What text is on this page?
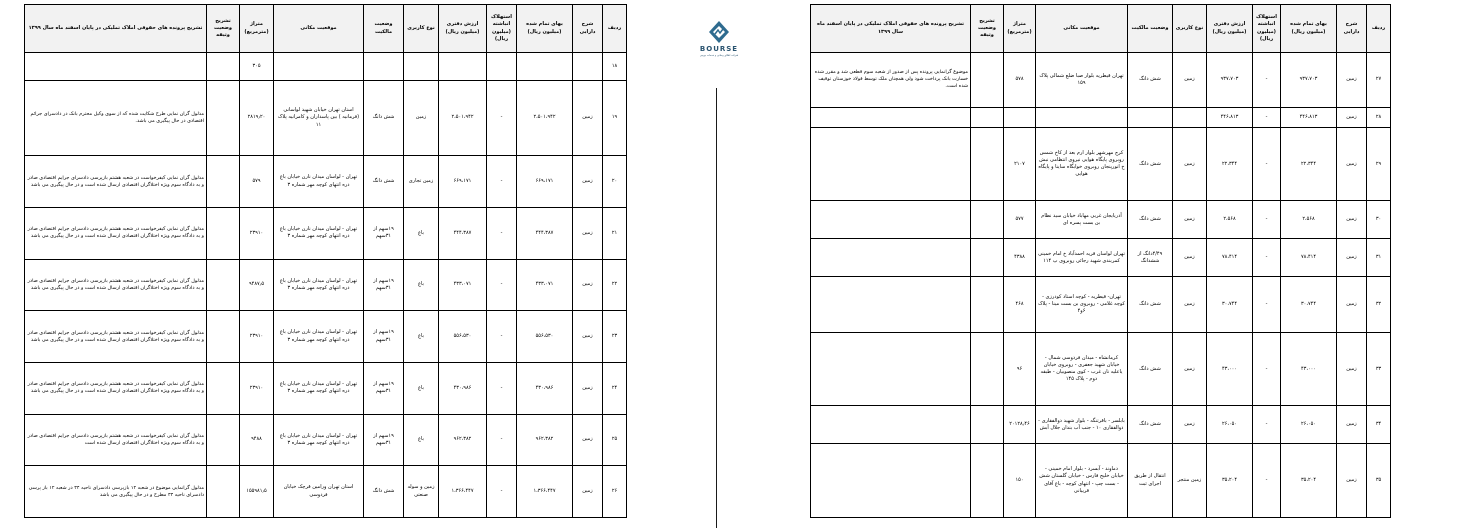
ردیف	شرح دارایی	بهای تمام شده (میلیون ریال)	استهلاک انباشته (میلیون ریال)	ارزش دفتری (میلیون ریال)	نوع کاربری	وضعیت مالکیت	موقعیت مکانی	متراژ (مترمربع)	تشریح وضعیت وثیقه	تشریح پرونده های حقوقی املاک تملیکی در پایان اسفند ماه سال ۱۳۹۹
۱۸								۳۰۵		
۱۹	زمین	۲،۵۰۱،۹۴۲	-	۲،۵۰۱،۹۴۲	زمین	شش دانگ	استان تهران خیابان شهید لواسانی (فرمانیه ) بین پاسداران و کامرانیه پلاک ۱۱	۲۸۱۹٫۲۰		مدلول گران نمایی طرح شکایت شده که از سوی وکیل محترم بانک در دادسرای جرائم اقتصادی در حال پیگیری می باشد.
۲۰	زمین	۶۶۹،۱۷۱	-	۶۶۹،۱۷۱	زمین تجاری	شش دانگ	تهران - لواسان میدان نارن خیابان باغ دره انتهای کوچه مهر شماره ۳	۵۷۹		مدلول گران نمایی کیفرخواست در شعبه هشتم بازپرسی دادسرای جرایم اقتصادی صادر و به دادگاه سوم ویژه اختلاگران اقتصادی ارسال شده است و در حال پیگیری می باشد
۲۱	زمین	۴۴۴،۳۸۷	-	۴۴۴،۳۸۷	باغ	۱۹سهم از ۳۱سهم	تهران - لواسان میدان نارن خیابان باغ دره انتهای کوچه مهر شماره ۳	۲۳۹۱۰		مدلول گران نمایی کیفرخواست در شعبه هشتم بازپرسی دادسرای جرایم اقتصادی صادر و به دادگاه سوم ویژه اختلاگران اقتصادی ارسال شده است و در حال پیگیری می باشد
۲۲	زمین	۴۳۳،۰۷۱	-	۴۳۳،۰۷۱	باغ	۱۹سهم از ۳۱سهم	تهران - لواسان میدان نارن خیابان باغ دره انتهای کوچه مهر شماره ۳	۹۴۸۷٫۵		مدلول گران نمایی کیفرخواست در شعبه هشتم بازپرسی دادسرای جرایم اقتصادی صادر و به دادگاه سوم ویژه اختلاگران اقتصادی ارسال شده است و در حال پیگیری می باشد
۲۳	زمین	۵۵۶،۵۳۰	-	۵۵۶،۵۳۰	باغ	۱۹سهم از ۳۱سهم	تهران - لواسان میدان نارن خیابان باغ دره انتهای کوچه مهر شماره ۳	۲۳۹۱۰		مدلول گران نمایی کیفرخواست در شعبه هشتم بازپرسی دادسرای جرایم اقتصادی صادر و به دادگاه سوم ویژه اختلاگران اقتصادی ارسال شده است و در حال پیگیری می باشد
۲۴	زمین	۴۳۰،۹۸۶	-	۴۳۰،۹۸۶	باغ	۱۹سهم از ۳۱سهم	تهران - لواسان میدان نارن خیابان باغ دره انتهای کوچه مهر شماره ۳	۲۳۹۱۰		مدلول گران نمایی کیفرخواست در شعبه هشتم بازپرسی دادسرای جرایم اقتصادی صادر و به دادگاه سوم ویژه اختلاگران اقتصادی ارسال شده است و در حال پیگیری می باشد
۲۵	زمین	۹۶۲،۳۸۲	-	۹۶۲،۳۸۲	باغ	۱۹سهم از ۳۱سهم	تهران - لواسان میدان نارن خیابان باغ دره انتهای کوچه مهر شماره ۳	۹۴۸۸		مدلول گران نمایی کیفرخواست در شعبه هشتم بازپرسی دادسرای جرایم اقتصادی صادر و به دادگاه سوم ویژه اختلاگران اقتصادی ارسال شده است
۲۶	زمین	۱،۳۶۶،۴۴۷	-	۱،۳۶۶،۴۴۷	زمین و سوله صنعتی	شش دانگ	استان تهران ورامین قرچک خیابان فردوسی	۱۵۵۹۸۱٫۵		مدلول گرانمایی موضوع در شعبه ۱۲ بازپرسی دادسرای ناحیه ۳۴ در شعبه ۱۲ باز پرسی دادسرای ناحیه ۳۴ مطرح و در حال پیگیری می باشد
BOURSE
شرکت اطلاع رسانی و خدمات بورس
ردیف	شرح دارایی	بهای تمام شده (میلیون ریال)	استهلاک انباشته (میلیون ریال)	ارزش دفتری (میلیون ریال)	نوع کاربری	وضعیت مالکیت	موقعیت مکانی	متراژ (مترمربع)	تشریح وضعیت وثیقه	تشریح پرونده های حقوقی املاک تملیکی در پایان اسفند ماه سال ۱۳۹۹
۲۷	زمین	۹۳۷،۷۰۳	-	۹۳۷،۷۰۳	زمین	شش دانگ	تهران قیطریه بلوار صبا ضلع شمالی پلاک ۱۵۹	۵۷۸		موضوع گرانمایی پرونده پس از صدور از شعبه سوم قطعی شد و مقرر شده خسارت بانک پرداخت شود ولی همچنان ملک توسط فولاد خوزستان توقیف شده است.
۲۸	زمین	۴۴۶،۸۱۳	-	۴۴۶،۸۱۳						
۲۹	زمین	۲۲،۳۴۴	-	۲۲،۳۴۴	زمین	شش دانگ	کرج مهرشهر بلوار ارم بعد از کاخ شمس روبروی پایگاه هوایی نیروی انتظامی نبش خ انورپنجان روبروی خوابگاه ساینا و پایگاه هوایی	۲۱۰۷		
۳۰	زمین	۲،۵۶۸	-	۲،۵۶۸	زمین	شش دانگ	آذربایجان غربی مهاباد خیابان سید نظام بن بست پسره ای	۵۷۷		
۳۱	زمین	۷۸،۴۱۴	-	۷۸،۴۱۴	زمین	۴/۴۹دانگ از ششدانگ	تهران لواسان قریه احمدآباد خ امام خمینی کمربندی شهید رجائی روبروی پ ۱۱۴	۴۳۸۸		
۳۲	زمین	۳۰،۷۴۴	-	۳۰،۷۴۴	زمین	شش دانگ	تهران- قیطریه - کوچه استاد کودرزی - کوچه غلامی - روبروی بن بست مینا - پلاک ۶و۴	۴۶۸		
۳۳	زمین	۴۳،۰۰۰	-	۴۳،۰۰۰	زمین	شش دانگ	کرمانشاه - میدان فردوسی شمال - خیابان شهید جعفری - روبروی خیابان یاعلیه نان غرب - کوی منصوبیان - طبقه دوم - پلاک ۱۴۵	۹۶		
۳۴	زمین	۲۶،۰۵۰	-	۲۶،۰۵۰	زمین	شش دانگ	بابلسر - باقرتنگه - بلوار شهید ذوالفقاری - ذوالفقاری ۱۰ - جنب آب بندان جلال آبش	۲۰۱۲۸٫۴۶		
۳۵	زمین	۳۵،۲۰۴	-	۳۵،۲۰۴	زمین منتجر	انتقال از طریق اجرای ثبت	دماوند - آبسرد - بلوار امام خمینی - خیابان خلیج فارس - خیابان گلستان شش - بست چپ - انتهای کوچه - باغ آقای قربیانی	۱۵۰		
